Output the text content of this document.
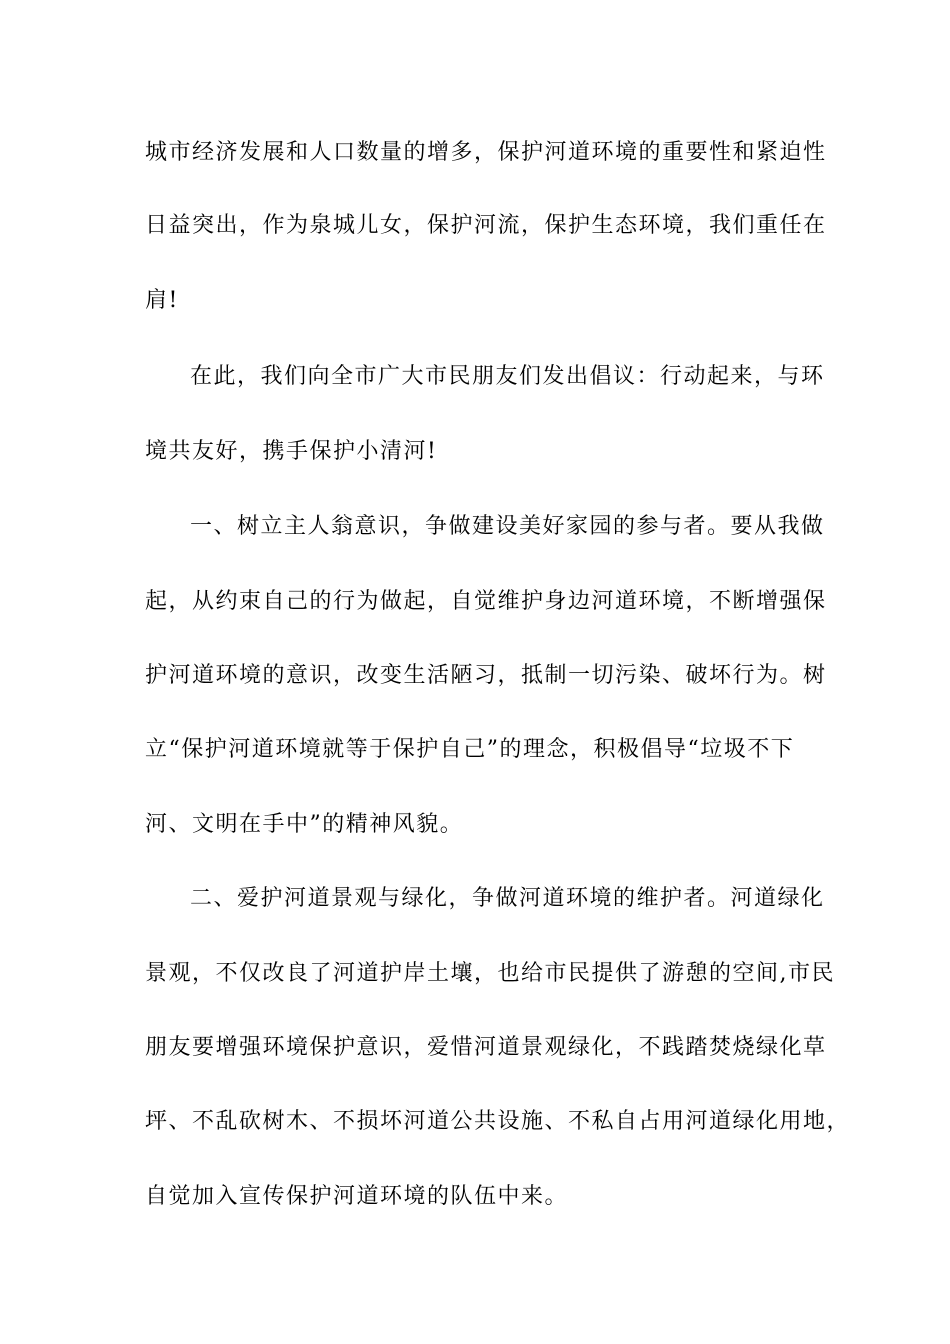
城市经济发展和人口数量的增多，保护河道环境的重要性和紧迫性
日益突出，作为泉城儿女，保护河流，保护生态环境，我们重任在
肩!
在此，我们向全市广大市民朋友们发出倡议：行动起来，与环
境共友好，携手保护小清河!
一、树立主人翁意识，争做建设美好家园的参与者。要从我做
起，从约束自己的行为做起，自觉维护身边河道环境，不断增强保
护河道环境的意识，改变生活陋习，抵制一切污染、破坏行为。树
立“保护河道环境就等于保护自己”的理念，积极倡导“垃圾不下
河、文明在手中”的精神风貌。
二、爱护河道景观与绿化，争做河道环境的维护者。河道绿化
景观，不仅改良了河道护岸土壤，也给市民提供了游憩的空间,市民
朋友要增强环境保护意识，爱惜河道景观绿化，不践踏焚烧绿化草
坪、不乱砍树木、不损坏河道公共设施、不私自占用河道绿化用地，
自觉加入宣传保护河道环境的队伍中来。
